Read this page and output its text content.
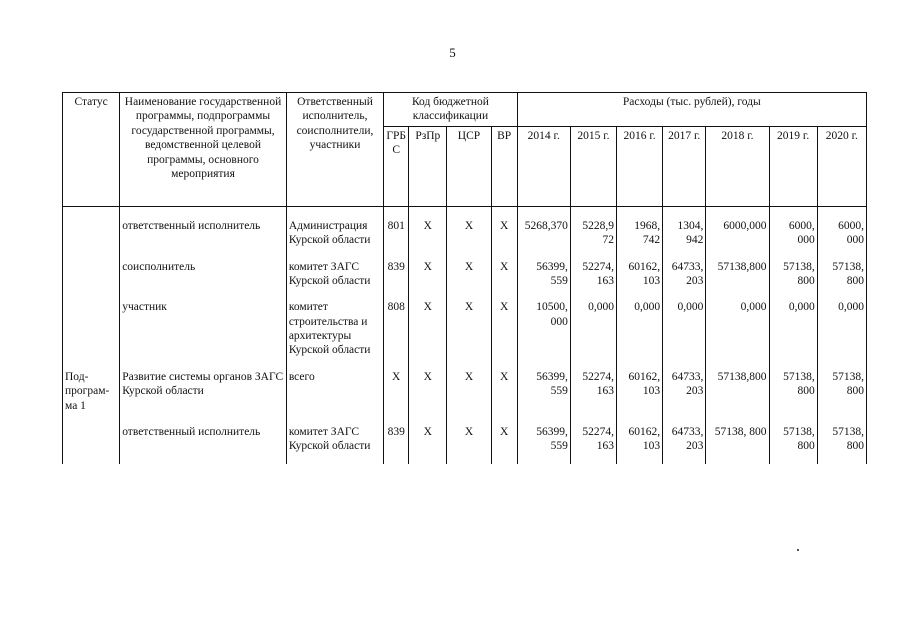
5
Статус	Наименование государственной программы, подпрограммы государственной программы, ведомственной целевой программы, основного мероприятия	Ответственный исполнитель, соисполнители, участники	Код бюджетной классификации				Расходы (тыс. рублей), годы						
			ГРБС	РзПр	ЦСР	ВР	2014 г.	2015 г.	2016 г.	2017 г.	2018 г.	2019 г.	2020 г.

	ответственный исполнитель	Администрация Курской области	801	Х	Х	Х	5268,370	5228,9 72	1968, 742	1304, 942	6000,000	6000, 000	6000, 000
	соисполнитель	комитет ЗАГС Курской области	839	Х	Х	Х	56399, 559	52274, 163	60162, 103	64733, 203	57138,800	57138, 800	57138, 800
	участник	комитет строительства и архитектуры Курской области	808	Х	Х	Х	10500, 000	0,000	0,000	0,000	0,000	0,000	0,000
Под- програм- ма 1	Развитие системы органов ЗАГС Курской области	всего	Х	Х	Х	Х	56399, 559	52274, 163	60162, 103	64733, 203	57138,800	57138, 800	57138, 800
	ответственный исполнитель	комитет ЗАГС Курской области	839	Х	Х	Х	56399, 559	52274, 163	60162, 103	64733, 203	57138, 800	57138, 800	57138, 800
